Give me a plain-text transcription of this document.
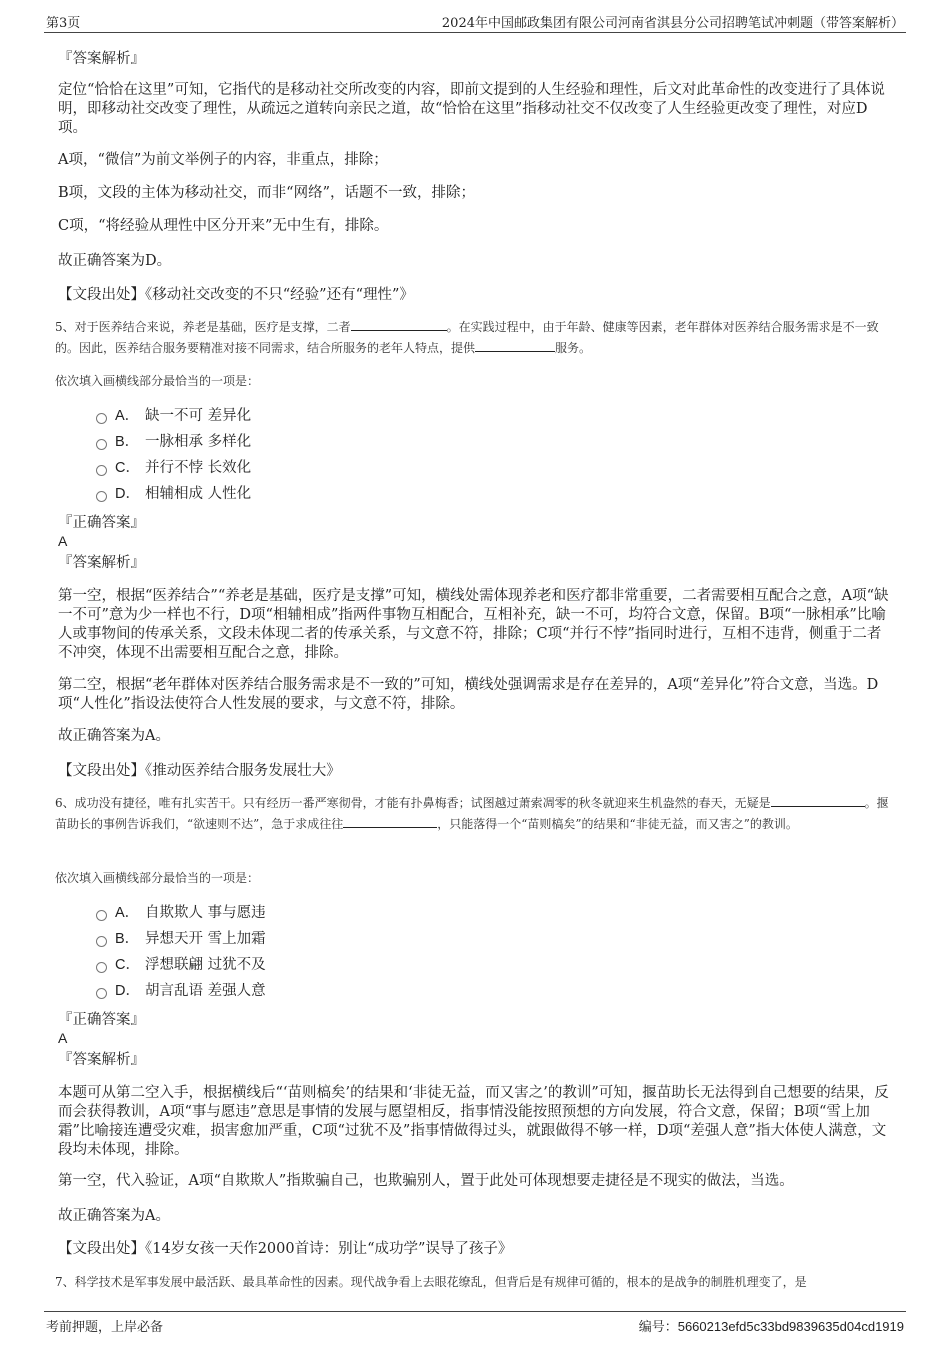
第3页	2024年中国邮政集团有限公司河南省淇县分公司招聘笔试冲刺题（带答案解析）

『答案解析』

定位“恰恰在这里”可知，它指代的是移动社交所改变的内容，即前文提到的人生经验和理性，后文对此革命性的改变进行了具体说明，即移动社交改变了理性，从疏远之道转向亲民之道，故“恰恰在这里”指移动社交不仅改变了人生经验更改变了理性，对应D项。

A项，“微信”为前文举例子的内容，非重点，排除；

B项，文段的主体为移动社交，而非“网络”，话题不一致，排除；

C项，“将经验从理性中区分开来”无中生有，排除。

故正确答案为D。

【文段出处】《移动社交改变的不只“经验”还有“理性”》

5、对于医养结合来说，养老是基础，医疗是支撑，二者	。在实践过程中，由于年龄、健康等因素，老年群体对医养结合服务需求是不一致的。因此，医养结合服务要精准对接不同需求，结合所服务的老年人特点，提供	服务。

依次填入画横线部分最恰当的一项是：

A． 缺一不可 差异化
B． 一脉相承 多样化
C． 并行不悖 长效化
D． 相辅相成 人性化

『正确答案』

A

『答案解析』

第一空，根据“医养结合”“养老是基础，医疗是支撑”可知，横线处需体现养老和医疗都非常重要，二者需要相互配合之意，A项“缺一不可”意为少一样也不行，D项“相辅相成”指两件事物互相配合，互相补充，缺一不可，均符合文意，保留。B项“一脉相承”比喻人或事物间的传承关系，文段未体现二者的传承关系，与文意不符，排除；C项“并行不悖”指同时进行，互相不违背，侧重于二者不冲突，体现不出需要相互配合之意，排除。

第二空，根据“老年群体对医养结合服务需求是不一致的”可知，横线处强调需求是存在差异的，A项“差异化”符合文意，当选。D项“人性化”指设法使符合人性发展的要求，与文意不符，排除。

故正确答案为A。

【文段出处】《推动医养结合服务发展壮大》

6、成功没有捷径，唯有扎实苦干。只有经历一番严寒彻骨，才能有扑鼻梅香；试图越过萧索凋零的秋冬就迎来生机盎然的春天，无疑是	。揠苗助长的事例告诉我们，“欲速则不达”，急于求成往往	，只能落得一个“苗则槁矣”的结果和“非徒无益，而又害之”的教训。

依次填入画横线部分最恰当的一项是：

A． 自欺欺人 事与愿违
B． 异想天开 雪上加霜
C． 浮想联翩 过犹不及
D． 胡言乱语 差强人意

『正确答案』

A

『答案解析』

本题可从第二空入手，根据横线后“‘苗则槁矣’的结果和‘非徒无益，而又害之’的教训”可知，揠苗助长无法得到自己想要的结果，反而会获得教训，A项“事与愿违”意思是事情的发展与愿望相反，指事情没能按照预想的方向发展，符合文意，保留；B项“雪上加霜”比喻接连遭受灾难，损害愈加严重，C项“过犹不及”指事情做得过头，就跟做得不够一样，D项“差强人意”指大体使人满意，文段均未体现，排除。

第一空，代入验证，A项“自欺欺人”指欺骗自己，也欺骗别人，置于此处可体现想要走捷径是不现实的做法，当选。

故正确答案为A。

【文段出处】《14岁女孩一天作2000首诗：别让“成功学”误导了孩子》

7、科学技术是军事发展中最活跃、最具革命性的因素。现代战争看上去眼花缭乱，但背后是有规律可循的，根本的是战争的制胜机理变了，是

考前押题，上岸必备	编号：5660213efd5c33bd9839635d04cd1919
